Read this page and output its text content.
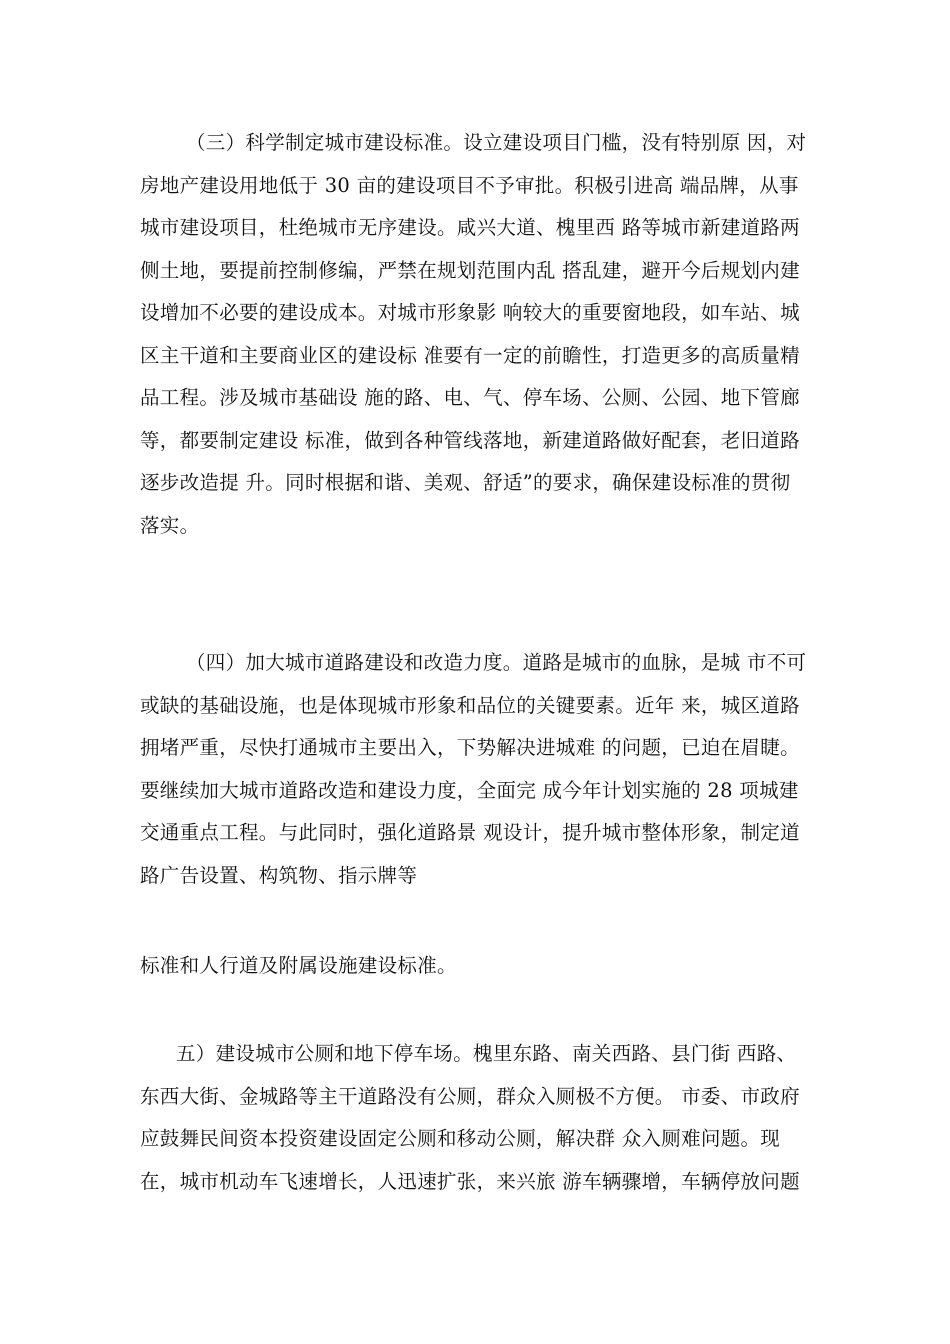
（三）科学制定城市建设标准。设立建设项目门槛，没有特别原 因，对
房地产建设用地低于 30 亩的建设项目不予审批。积极引进高 端品牌，从事
城市建设项目，杜绝城市无序建设。咸兴大道、槐里西 路等城市新建道路两
侧土地，要提前控制修编，严禁在规划范围内乱 搭乱建，避开今后规划内建
设增加不必要的建设成本。对城市形象影 响较大的重要窗地段，如车站、城
区主干道和主要商业区的建设标 准要有一定的前瞻性，打造更多的高质量精
品工程。涉及城市基础设 施的路、电、气、停车场、公厕、公园、地下管廊
等，都要制定建设 标准，做到各种管线落地，新建道路做好配套，老旧道路
逐步改造提 升。同时根据和谐、美观、舒适”的要求，确保建设标准的贯彻
落实。
（四）加大城市道路建设和改造力度。道路是城市的血脉，是城 市不可
或缺的基础设施，也是体现城市形象和品位的关键要素。近年 来，城区道路
拥堵严重，尽快打通城市主要出入，下势解决进城难 的问题，已迫在眉睫。
要继续加大城市道路改造和建设力度，全面完 成今年计划实施的 28 项城建
交通重点工程。与此同时，强化道路景 观设计，提升城市整体形象，制定道
路广告设置、构筑物、指示牌等
标准和人行道及附属设施建设标准。
五）建设城市公厕和地下停车场。槐里东路、南关西路、县门街 西路、
东西大街、金城路等主干道路没有公厕，群众入厕极不方便。 市委、市政府
应鼓舞民间资本投资建设固定公厕和移动公厕，解决群 众入厕难问题。现
在，城市机动车飞速增长，人迅速扩张，来兴旅 游车辆骤增，车辆停放问题
